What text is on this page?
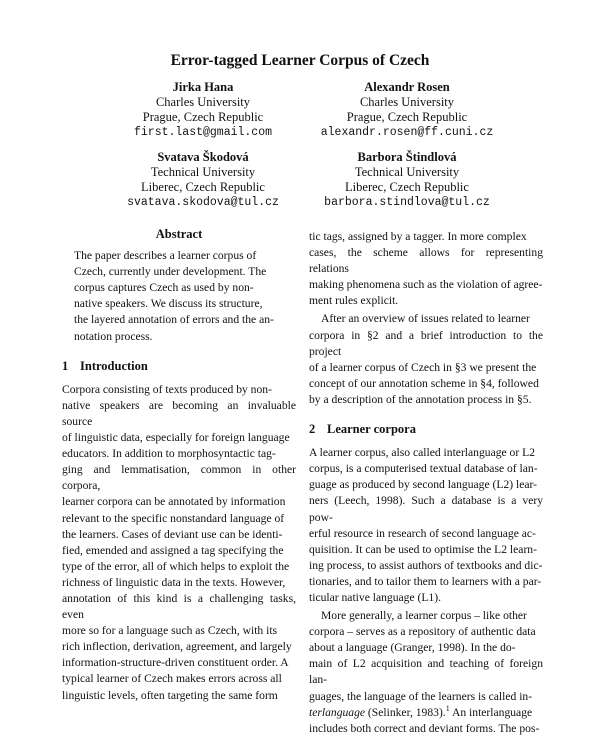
Error-tagged Learner Corpus of Czech
Jirka Hana
Charles University
Prague, Czech Republic
first.last@gmail.com
Alexandr Rosen
Charles University
Prague, Czech Republic
alexandr.rosen@ff.cuni.cz
Svatava Škodová
Technical University
Liberec, Czech Republic
svatava.skodova@tul.cz
Barbora Štindlová
Technical University
Liberec, Czech Republic
barbora.stindlova@tul.cz
Abstract

The paper describes a learner corpus of

Czech, currently under development. The

corpus captures Czech as used by non-

native speakers. We discuss its structure,

the layered annotation of errors and the an-

notation process.

1 Introduction

Corpora consisting of texts produced by non-

native speakers are becoming an invaluable source

of linguistic data, especially for foreign language

educators. In addition to morphosyntactic tag-

ging and lemmatisation, common in other corpora,

learner corpora can be annotated by information

relevant to the specific nonstandard language of

the learners. Cases of deviant use can be identi-

fied, emended and assigned a tag specifying the

type of the error, all of which helps to exploit the

richness of linguistic data in the texts. However,

annotation of this kind is a challenging tasks, even

more so for a language such as Czech, with its

rich inflection, derivation, agreement, and largely

information-structure-driven constituent order. A

typical learner of Czech makes errors across all

linguistic levels, often targeting the same form

tic tags, assigned by a tagger. In more complex

cases, the scheme allows for representing relations

making phenomena such as the violation of agree-

ment rules explicit.

After an overview of issues related to learner

corpora in §2 and a brief introduction to the project

of a learner corpus of Czech in §3 we present the

concept of our annotation scheme in §4, followed

by a description of the annotation process in §5.

2 Learner corpora

A learner corpus, also called interlanguage or L2

corpus, is a computerised textual database of lan-

guage as produced by second language (L2) lear-

ners (Leech, 1998). Such a database is a very pow-

erful resource in research of second language ac-

quisition. It can be used to optimise the L2 learn-

ing process, to assist authors of textbooks and dic-

tionaries, and to tailor them to learners with a par-

ticular native language (L1).

More generally, a learner corpus – like other

corpora – serves as a repository of authentic data

about a language (Granger, 1998). In the do-

main of L2 acquisition and teaching of foreign lan-

guages, the language of the learners is called in-

terlanguage (Selinker, 1983).$^1$ An interlanguage

includes both correct and deviant forms. The pos-
